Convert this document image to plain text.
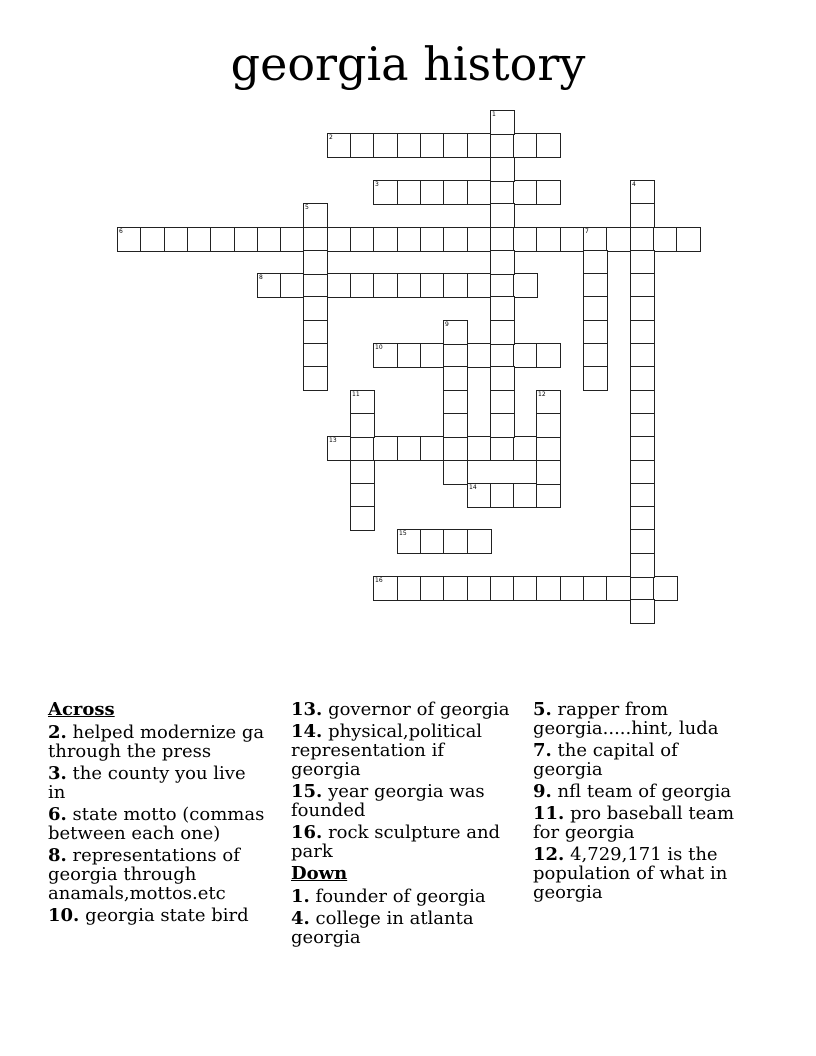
georgia history
2
3
6	7
8
10
13
14
15
16
1
4
5
9
11	12
Across
2. helped modernize ga through the press
3. the county you live in
6. state motto (commas between each one)
8. representations of georgia through anamals,mottos.etc
10. georgia state bird
13. governor of georgia
14. physical,political representation if georgia
15. year georgia was founded
16. rock sculpture and park
Down
1. founder of georgia
4. college in atlanta georgia
5. rapper from georgia.....hint, luda
7. the capital of georgia
9. nfl team of georgia
11. pro baseball team for georgia
12. 4,729,171 is the population of what in georgia
